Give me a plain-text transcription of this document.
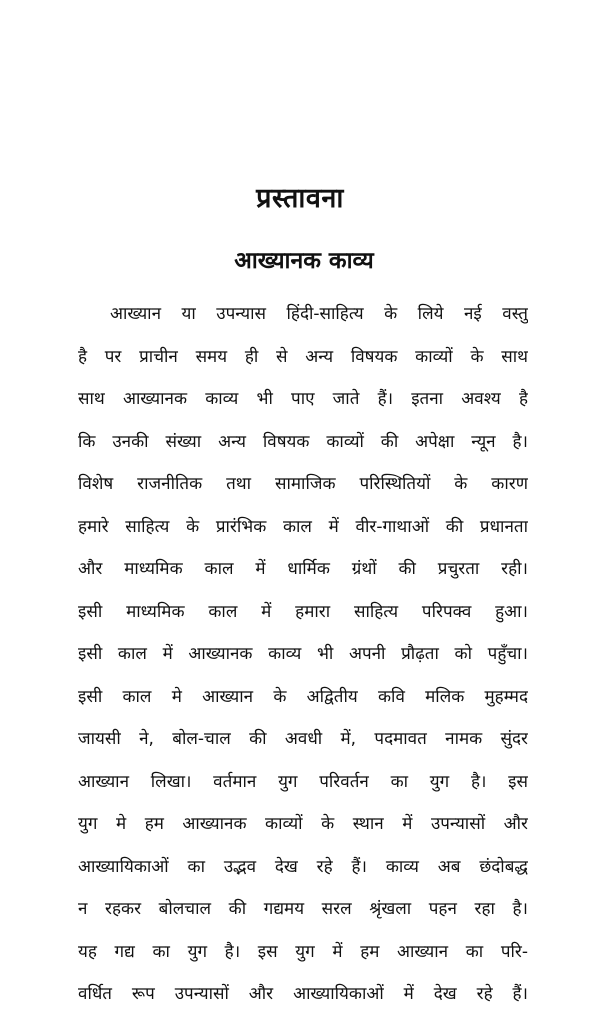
प्रस्तावना
आख्यानक काव्य
आख्यान या उपन्यास हिंदी-साहित्य के लिये नई वस्तु
है पर प्राचीन समय ही से अन्य विषयक काव्यों के साथ
साथ आख्यानक काव्य भी पाए जाते हैं। इतना अवश्य है
कि उनकी संख्या अन्य विषयक काव्यों की अपेक्षा न्यून है।
विशेष राजनीतिक तथा सामाजिक परिस्थितियों के कारण
हमारे साहित्य के प्रारंभिक काल में वीर-गाथाओं की प्रधानता
और माध्यमिक काल में धार्मिक ग्रंथों की प्रचुरता रही।
इसी माध्यमिक काल में हमारा साहित्य परिपक्व हुआ।
इसी काल में आख्यानक काव्य भी अपनी प्रौढ़ता को पहुँचा।
इसी काल मे आख्यान के अद्वितीय कवि मलिक मुहम्मद
जायसी ने, बोल-चाल की अवधी में, पदमावत नामक सुंदर
आख्यान लिखा। वर्तमान युग परिवर्तन का युग है। इस
युग मे हम आख्यानक काव्यों के स्थान में उपन्यासों और
आख्यायिकाओं का उद्भव देख रहे हैं। काव्य अब छंदोबद्ध
न रहकर बोलचाल की गद्यमय सरल श्रृंखला पहन रहा है।
यह गद्य का युग है। इस युग में हम आख्यान का परि-
वर्धित रूप उपन्यासों और आख्यायिकाओं में देख रहे हैं।
